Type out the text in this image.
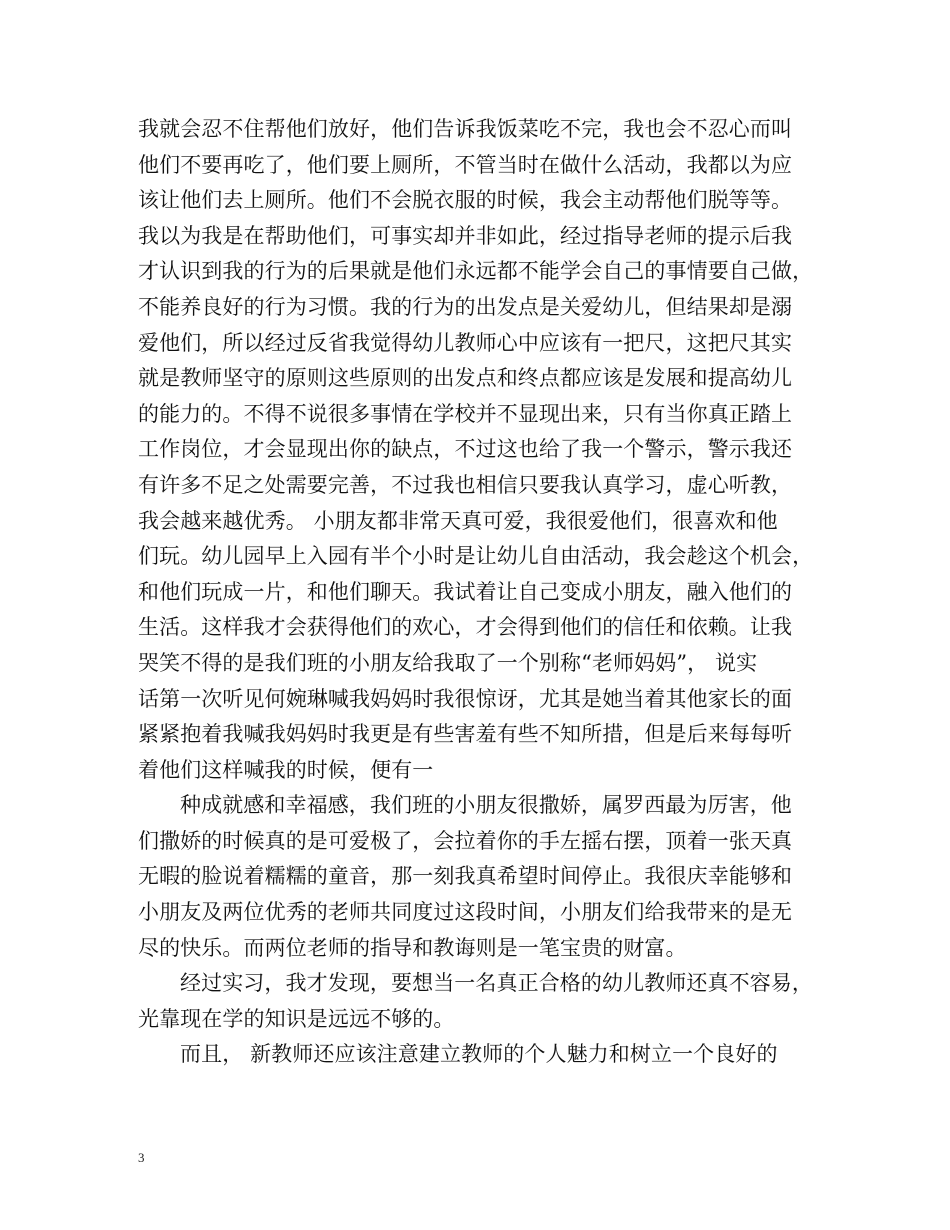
我就会忍不住帮他们放好，他们告诉我饭菜吃不完，我也会不忍心而叫
他们不要再吃了，他们要上厕所，不管当时在做什么活动，我都以为应
该让他们去上厕所。他们不会脱衣服的时候，我会主动帮他们脱等等。
我以为我是在帮助他们，可事实却并非如此，经过指导老师的提示后我
才认识到我的行为的后果就是他们永远都不能学会自己的事情要自己做，
不能养良好的行为习惯。我的行为的出发点是关爱幼儿，但结果却是溺
爱他们，所以经过反省我觉得幼儿教师心中应该有一把尺，这把尺其实
就是教师坚守的原则这些原则的出发点和终点都应该是发展和提高幼儿
的能力的。不得不说很多事情在学校并不显现出来，只有当你真正踏上
工作岗位，才会显现出你的缺点，不过这也给了我一个警示，警示我还
有许多不足之处需要完善，不过我也相信只要我认真学习，虚心听教，
我会越来越优秀。 小朋友都非常天真可爱，我很爱他们，很喜欢和他
们玩。幼儿园早上入园有半个小时是让幼儿自由活动，我会趁这个机会，
和他们玩成一片，和他们聊天。我试着让自己变成小朋友，融入他们的
生活。这样我才会获得他们的欢心，才会得到他们的信任和依赖。让我
哭笑不得的是我们班的小朋友给我取了一个别称“老师妈妈”， 说实
话第一次听见何婉琳喊我妈妈时我很惊讶，尤其是她当着其他家长的面
紧紧抱着我喊我妈妈时我更是有些害羞有些不知所措，但是后来每每听
着他们这样喊我的时候，便有一
种成就感和幸福感，我们班的小朋友很撒娇，属罗西最为厉害，他
们撒娇的时候真的是可爱极了，会拉着你的手左摇右摆，顶着一张天真
无暇的脸说着糯糯的童音，那一刻我真希望时间停止。我很庆幸能够和
小朋友及两位优秀的老师共同度过这段时间，小朋友们给我带来的是无
尽的快乐。而两位老师的指导和教诲则是一笔宝贵的财富。
经过实习，我才发现，要想当一名真正合格的幼儿教师还真不容易，
光靠现在学的知识是远远不够的。
而且， 新教师还应该注意建立教师的个人魅力和树立一个良好的
3
